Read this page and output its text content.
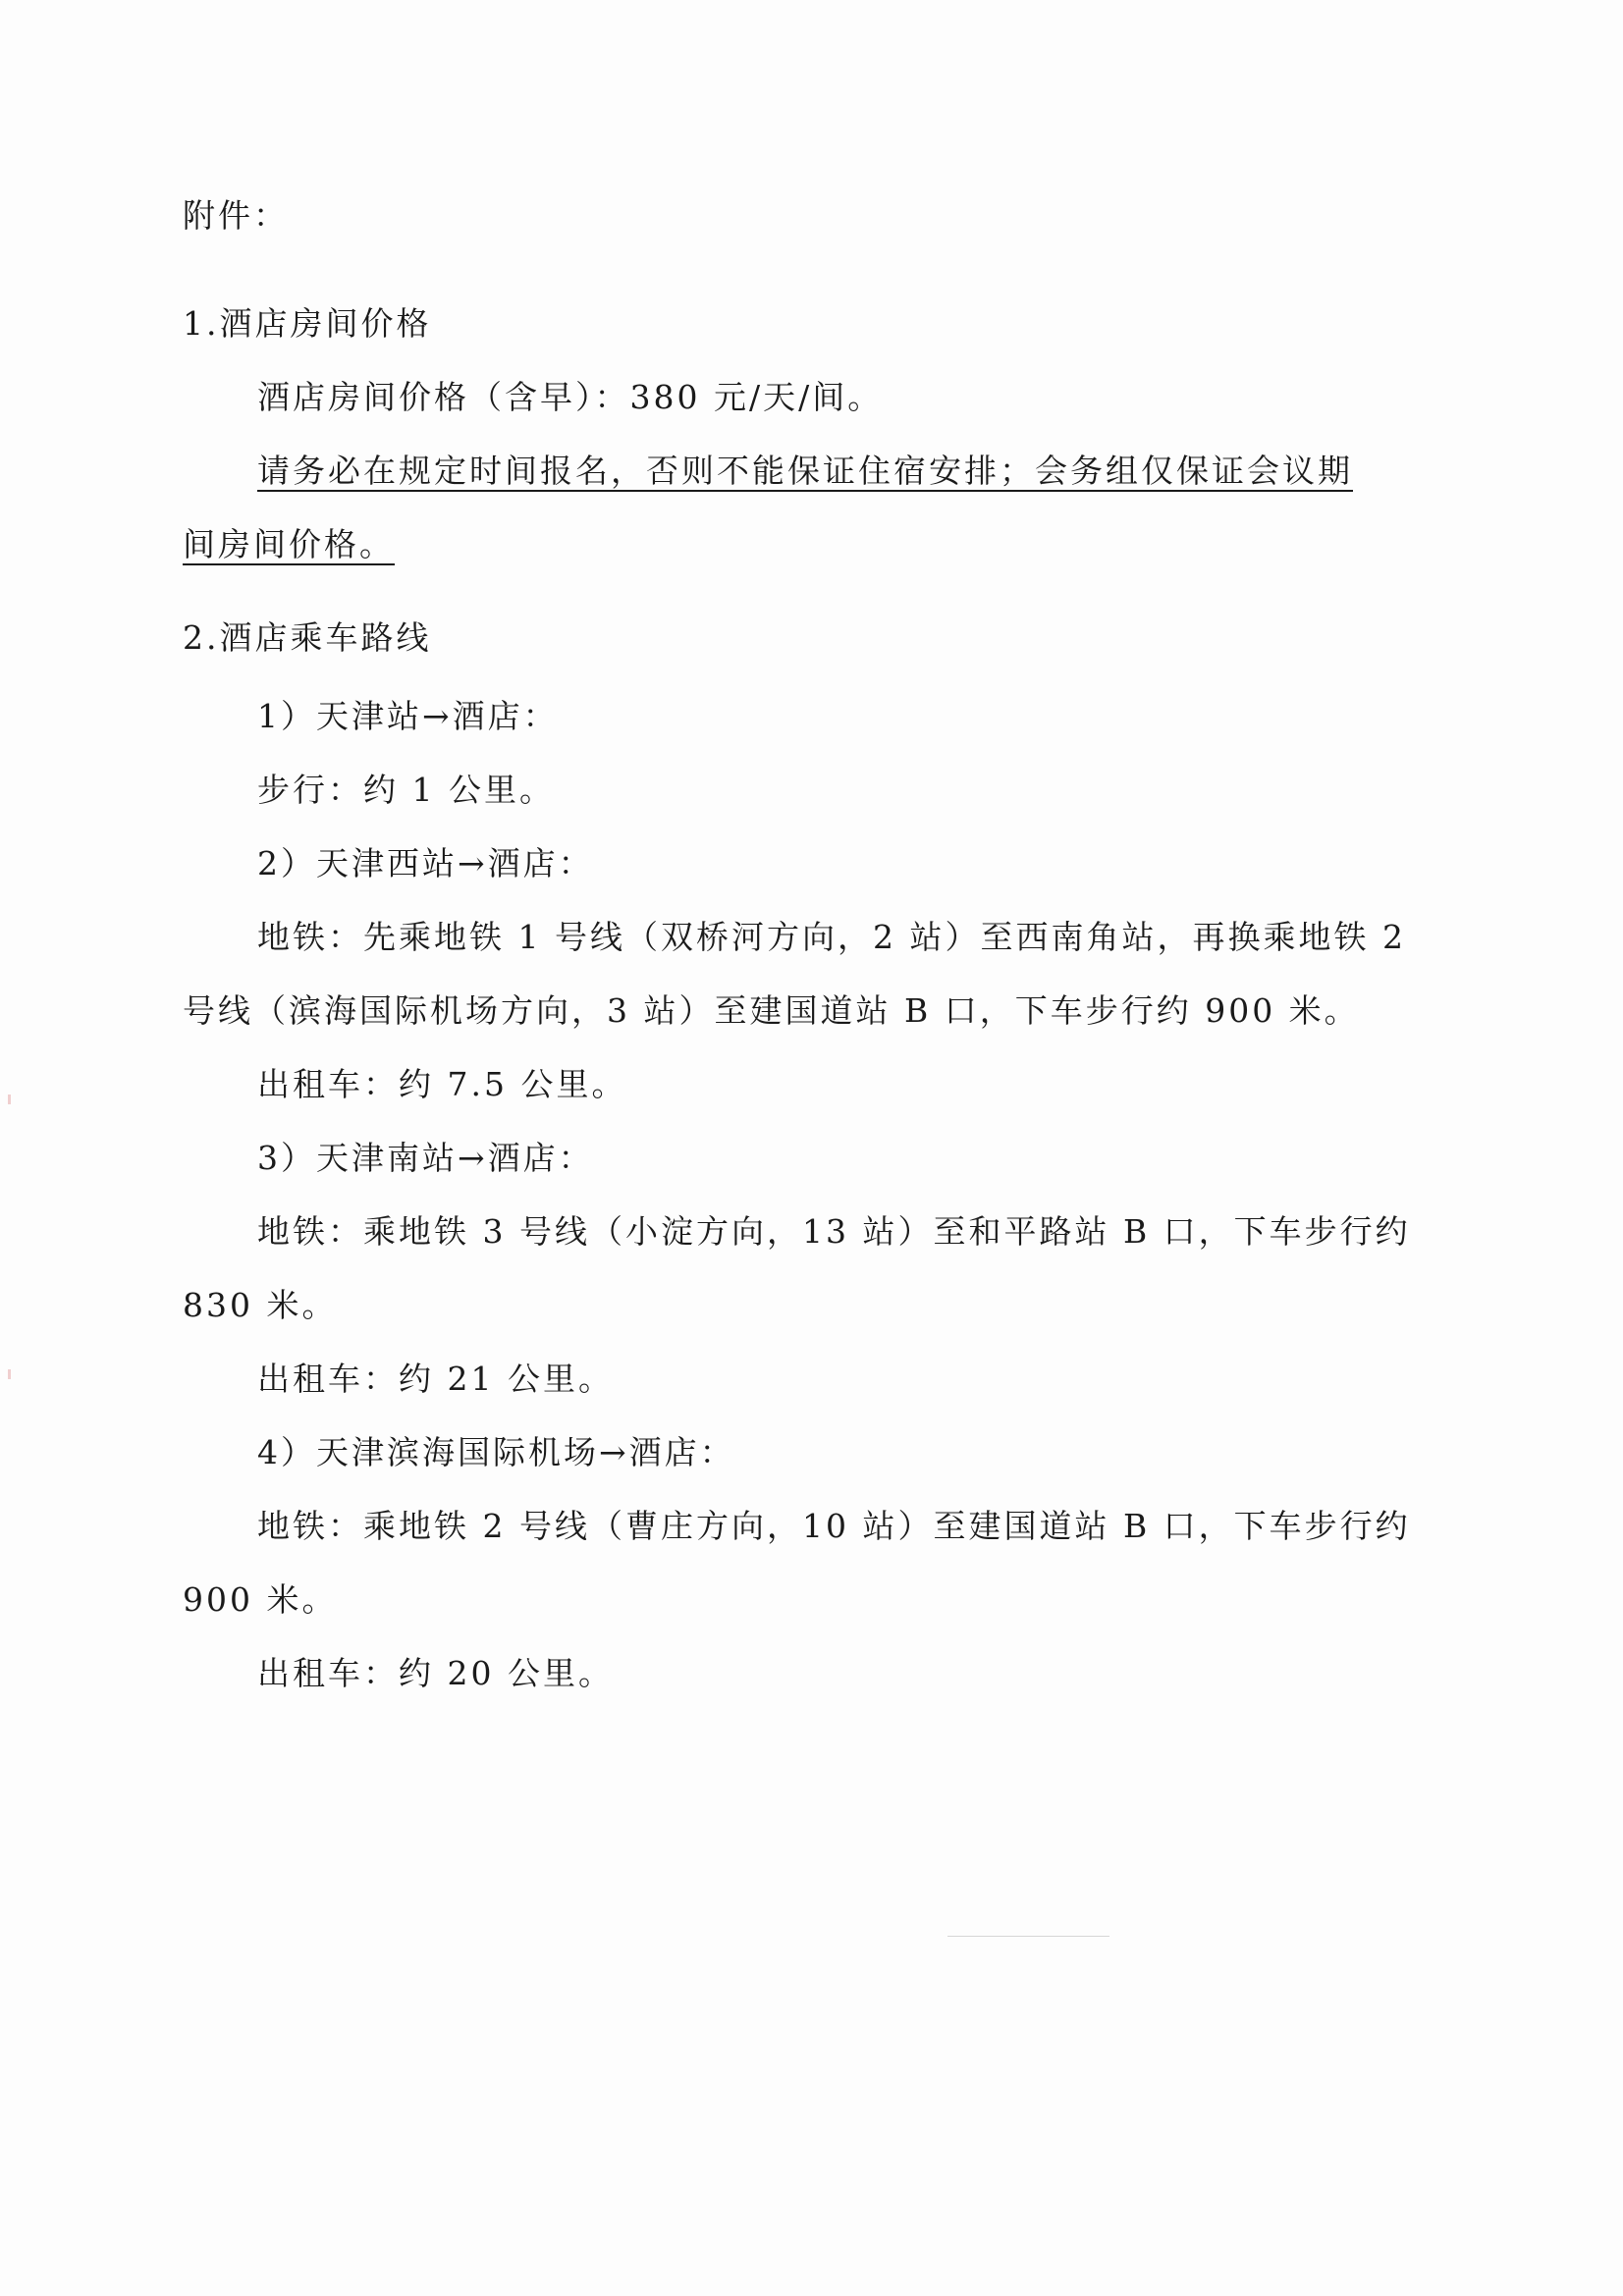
附件：
1.酒店房间价格
酒店房间价格（含早）：380 元/天/间。
请务必在规定时间报名，否则不能保证住宿安排；会务组仅保证会议期
间房间价格。
2.酒店乘车路线
1）天津站→酒店：
步行：约 1 公里。
2）天津西站→酒店：
地铁：先乘地铁 1 号线（双桥河方向，2 站）至西南角站，再换乘地铁 2
号线（滨海国际机场方向，3 站）至建国道站 B 口，下车步行约 900 米。
出租车：约 7.5 公里。
3）天津南站→酒店：
地铁：乘地铁 3 号线（小淀方向，13 站）至和平路站 B 口，下车步行约
830 米。
出租车：约 21 公里。
4）天津滨海国际机场→酒店：
地铁：乘地铁 2 号线（曹庄方向，10 站）至建国道站 B 口，下车步行约
900 米。
出租车：约 20 公里。
